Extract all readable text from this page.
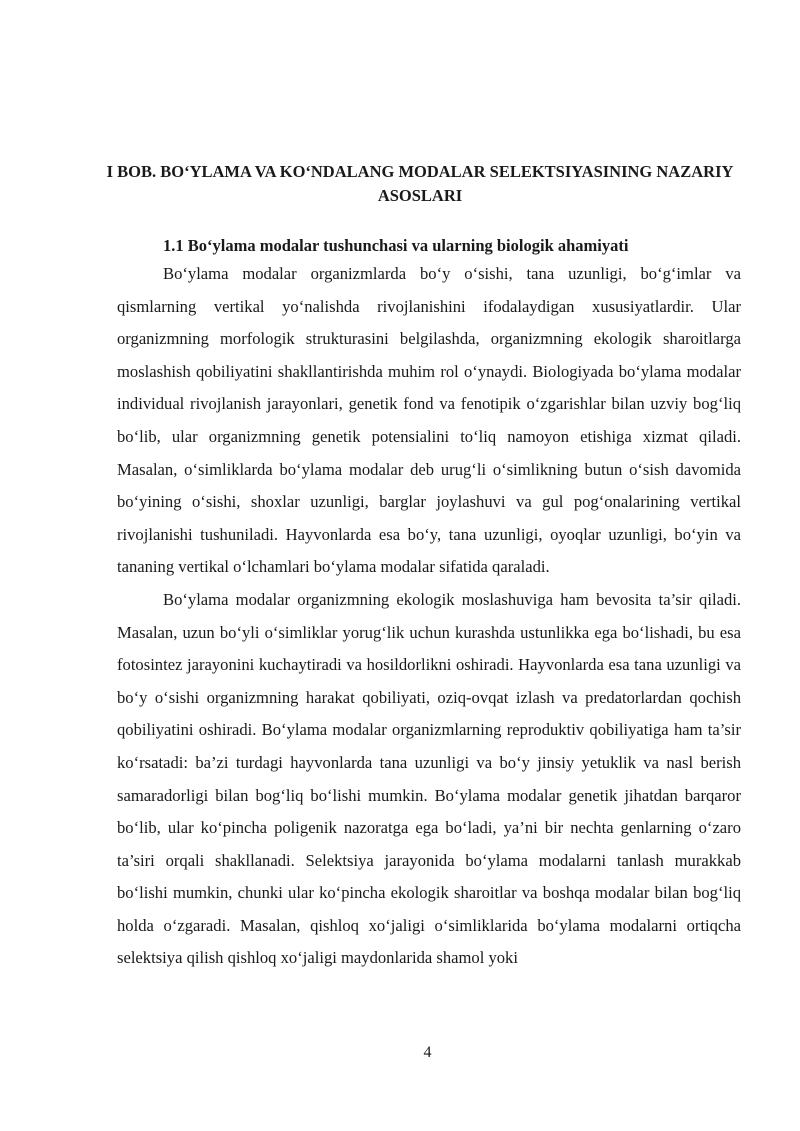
I BOB. BO‘YLAMA VA KO‘NDALANG MODALAR SELEKTSIYASINING NAZARIY ASOSLARI
1.1 Bo‘ylama modalar tushunchasi va ularning biologik ahamiyati

Bo‘ylama modalar organizmlarda bo‘y o‘sishi, tana uzunligi, bo‘g‘imlar va qismlarning vertikal yo‘nalishda rivojlanishini ifodalaydigan xususiyatlardir. Ular organizmning morfologik strukturasini belgilashda, organizmning ekologik sharoitlarga moslashish qobiliyatini shakllantirishda muhim rol o‘ynaydi. Biologiyada bo‘ylama modalar individual rivojlanish jarayonlari, genetik fond va fenotipik o‘zgarishlar bilan uzviy bog‘liq bo‘lib, ular organizmning genetik potensialini to‘liq namoyon etishiga xizmat qiladi. Masalan, o‘simliklarda bo‘ylama modalar deb urug‘li o‘simlikning butun o‘sish davomida bo‘yining o‘sishi, shoxlar uzunligi, barglar joylashuvi va gul pog‘onalarining vertikal rivojlanishi tushuniladi. Hayvonlarda esa bo‘y, tana uzunligi, oyoqlar uzunligi, bo‘yin va tananing vertikal o‘lchamlari bo‘ylama modalar sifatida qaraladi.

Bo‘ylama modalar organizmning ekologik moslashuviga ham bevosita ta’sir qiladi. Masalan, uzun bo‘yli o‘simliklar yorug‘lik uchun kurashda ustunlikka ega bo‘lishadi, bu esa fotosintez jarayonini kuchaytiradi va hosildorlikni oshiradi. Hayvonlarda esa tana uzunligi va bo‘y o‘sishi organizmning harakat qobiliyati, oziq-ovqat izlash va predatorlardan qochish qobiliyatini oshiradi. Bo‘ylama modalar organizmlarning reproduktiv qobiliyatiga ham ta’sir ko‘rsatadi: ba’zi turdagi hayvonlarda tana uzunligi va bo‘y jinsiy yetuklik va nasl berish samaradorligi bilan bog‘liq bo‘lishi mumkin. Bo‘ylama modalar genetik jihatdan barqaror bo‘lib, ular ko‘pincha poligenik nazoratga ega bo‘ladi, ya’ni bir nechta genlarning o‘zaro ta’siri orqali shakllanadi. Selektsiya jarayonida bo‘ylama modalarni tanlash murakkab bo‘lishi mumkin, chunki ular ko‘pincha ekologik sharoitlar va boshqa modalar bilan bog‘liq holda o‘zgaradi. Masalan, qishloq xo‘jaligi o‘simliklarida bo‘ylama modalarni ortiqcha selektsiya qilish qishloq xo‘jaligi maydonlarida shamol yoki

4
